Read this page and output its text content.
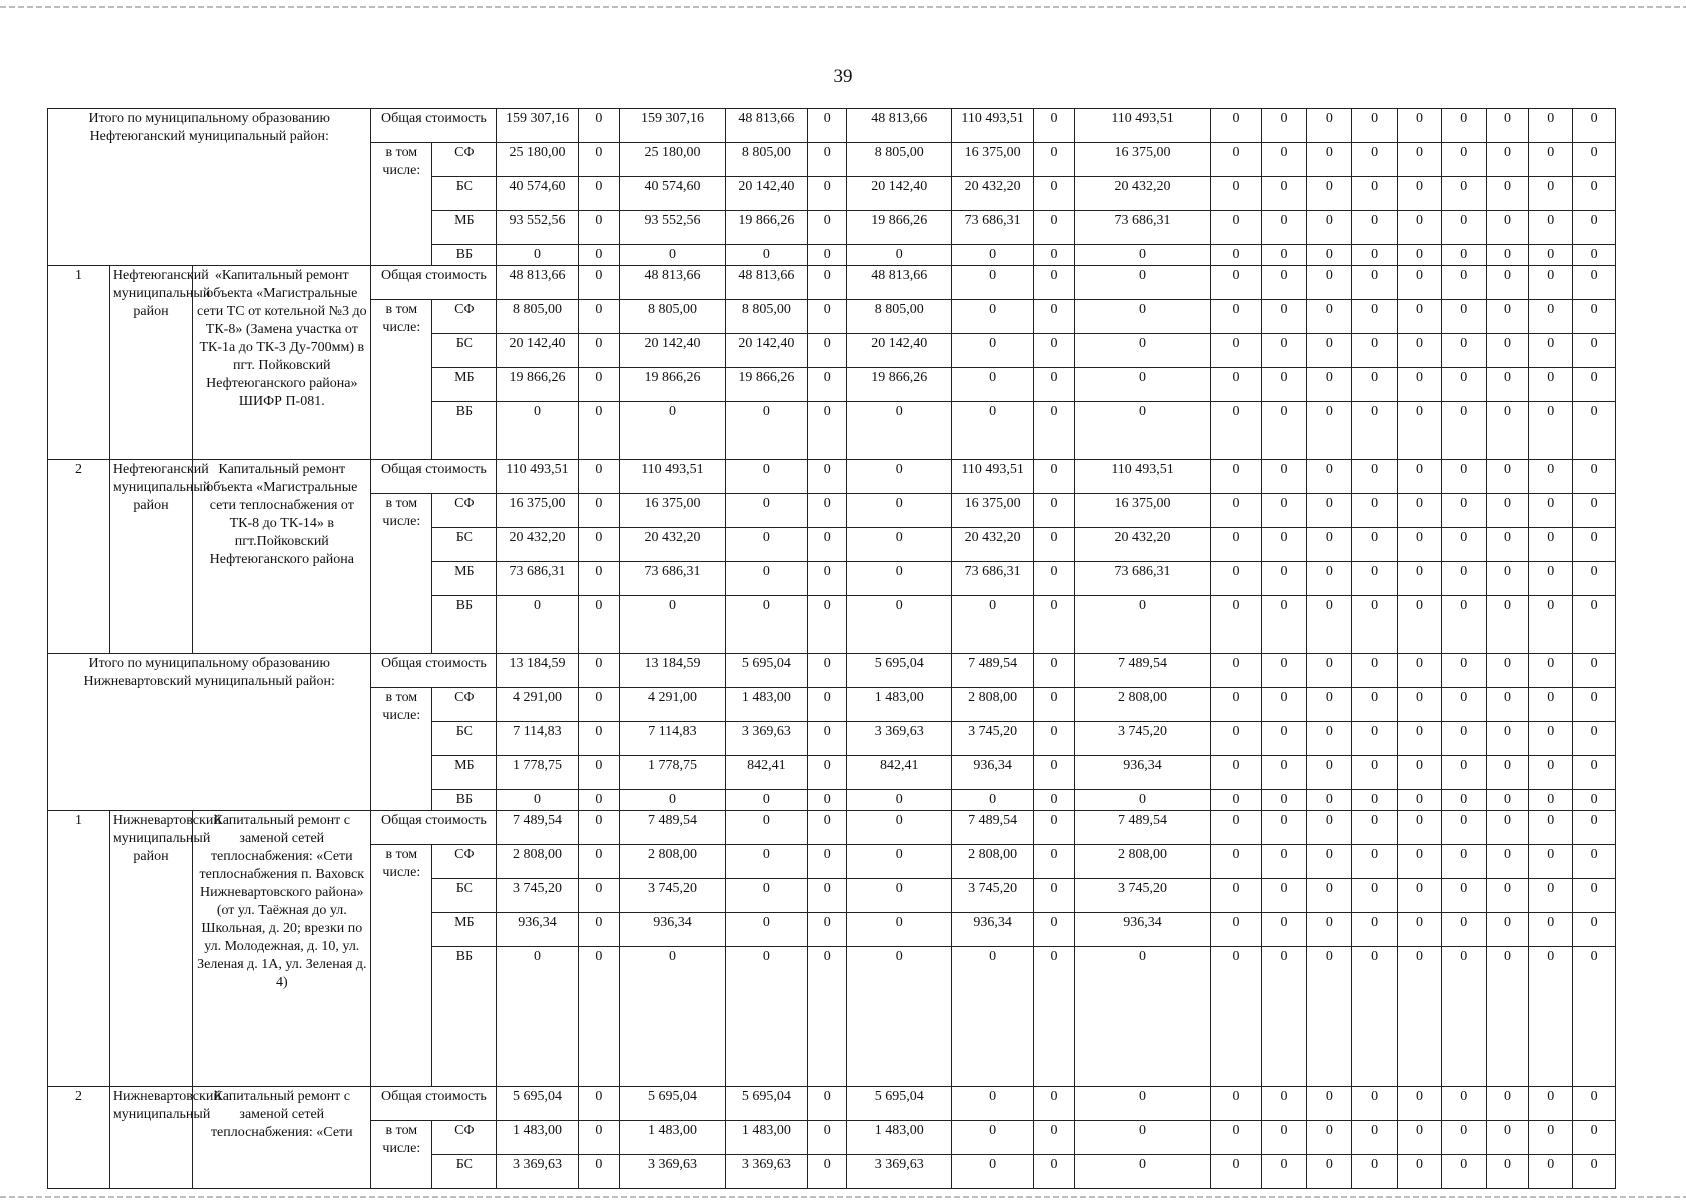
39
Итого по муниципальному образованию Нефтеюганский муниципальный район:			Общая стоимость		159 307,16	0	159 307,16	48 813,66	0	48 813,66	110 493,51	0	110 493,51	0	0	0	0	0	0	0	0	0
			в том числе:	СФ	25 180,00	0	25 180,00	8 805,00	0	8 805,00	16 375,00	0	16 375,00	0	0	0	0	0	0	0	0	0
				БС	40 574,60	0	40 574,60	20 142,40	0	20 142,40	20 432,20	0	20 432,20	0	0	0	0	0	0	0	0	0
				МБ	93 552,56	0	93 552,56	19 866,26	0	19 866,26	73 686,31	0	73 686,31	0	0	0	0	0	0	0	0	0
				ВБ	0	0	0	0	0	0	0	0	0	0	0	0	0	0	0	0	0	0
1	Нефтеюганский муниципальный район	«Капитальный ремонт объекта «Магистральные сети ТС от котельной №3 до ТК-8» (Замена участка от ТК-1а до ТК-3 Ду-700мм) в пгт. Пойковский Нефтеюганского района» ШИФР П-081.	Общая стоимость		48 813,66	0	48 813,66	48 813,66	0	48 813,66	0	0	0	0	0	0	0	0	0	0	0	0
			в том числе:	СФ	8 805,00	0	8 805,00	8 805,00	0	8 805,00	0	0	0	0	0	0	0	0	0	0	0	0
				БС	20 142,40	0	20 142,40	20 142,40	0	20 142,40	0	0	0	0	0	0	0	0	0	0	0	0
				МБ	19 866,26	0	19 866,26	19 866,26	0	19 866,26	0	0	0	0	0	0	0	0	0	0	0	0
				ВБ	0	0	0	0	0	0	0	0	0	0	0	0	0	0	0	0	0	0
2	Нефтеюганский муниципальный район	Капитальный ремонт объекта «Магистральные сети теплоснабжения от ТК-8 до ТК-14» в пгт.Пойковский Нефтеюганского района	Общая стоимость		110 493,51	0	110 493,51	0	0	0	110 493,51	0	110 493,51	0	0	0	0	0	0	0	0	0
			в том числе:	СФ	16 375,00	0	16 375,00	0	0	0	16 375,00	0	16 375,00	0	0	0	0	0	0	0	0	0
				БС	20 432,20	0	20 432,20	0	0	0	20 432,20	0	20 432,20	0	0	0	0	0	0	0	0	0
				МБ	73 686,31	0	73 686,31	0	0	0	73 686,31	0	73 686,31	0	0	0	0	0	0	0	0	0
				ВБ	0	0	0	0	0	0	0	0	0	0	0	0	0	0	0	0	0	0
Итого по муниципальному образованию Нижневартовский муниципальный район:			Общая стоимость		13 184,59	0	13 184,59	5 695,04	0	5 695,04	7 489,54	0	7 489,54	0	0	0	0	0	0	0	0	0
			в том числе:	СФ	4 291,00	0	4 291,00	1 483,00	0	1 483,00	2 808,00	0	2 808,00	0	0	0	0	0	0	0	0	0
				БС	7 114,83	0	7 114,83	3 369,63	0	3 369,63	3 745,20	0	3 745,20	0	0	0	0	0	0	0	0	0
				МБ	1 778,75	0	1 778,75	842,41	0	842,41	936,34	0	936,34	0	0	0	0	0	0	0	0	0
				ВБ	0	0	0	0	0	0	0	0	0	0	0	0	0	0	0	0	0	0
1	Нижневартовский муниципальный район	Капитальный ремонт с заменой сетей теплоснабжения: «Сети теплоснабжения п. Ваховск Нижневартовского района» (от ул. Таёжная до ул. Школьная, д. 20; врезки по ул. Молодежная, д. 10, ул. Зеленая д. 1А, ул. Зеленая д. 4)	Общая стоимость		7 489,54	0	7 489,54	0	0	0	7 489,54	0	7 489,54	0	0	0	0	0	0	0	0	0
			в том числе:	СФ	2 808,00	0	2 808,00	0	0	0	2 808,00	0	2 808,00	0	0	0	0	0	0	0	0	0
				БС	3 745,20	0	3 745,20	0	0	0	3 745,20	0	3 745,20	0	0	0	0	0	0	0	0	0
				МБ	936,34	0	936,34	0	0	0	936,34	0	936,34	0	0	0	0	0	0	0	0	0
				ВБ	0	0	0	0	0	0	0	0	0	0	0	0	0	0	0	0	0	0
2	Нижневартовский муниципальный	Капитальный ремонт с заменой сетей теплоснабжения: «Сети	Общая стоимость		5 695,04	0	5 695,04	5 695,04	0	5 695,04	0	0	0	0	0	0	0	0	0	0	0	0
			в том числе:	СФ	1 483,00	0	1 483,00	1 483,00	0	1 483,00	0	0	0	0	0	0	0	0	0	0	0	0
				БС	3 369,63	0	3 369,63	3 369,63	0	3 369,63	0	0	0	0	0	0	0	0	0	0	0	0
